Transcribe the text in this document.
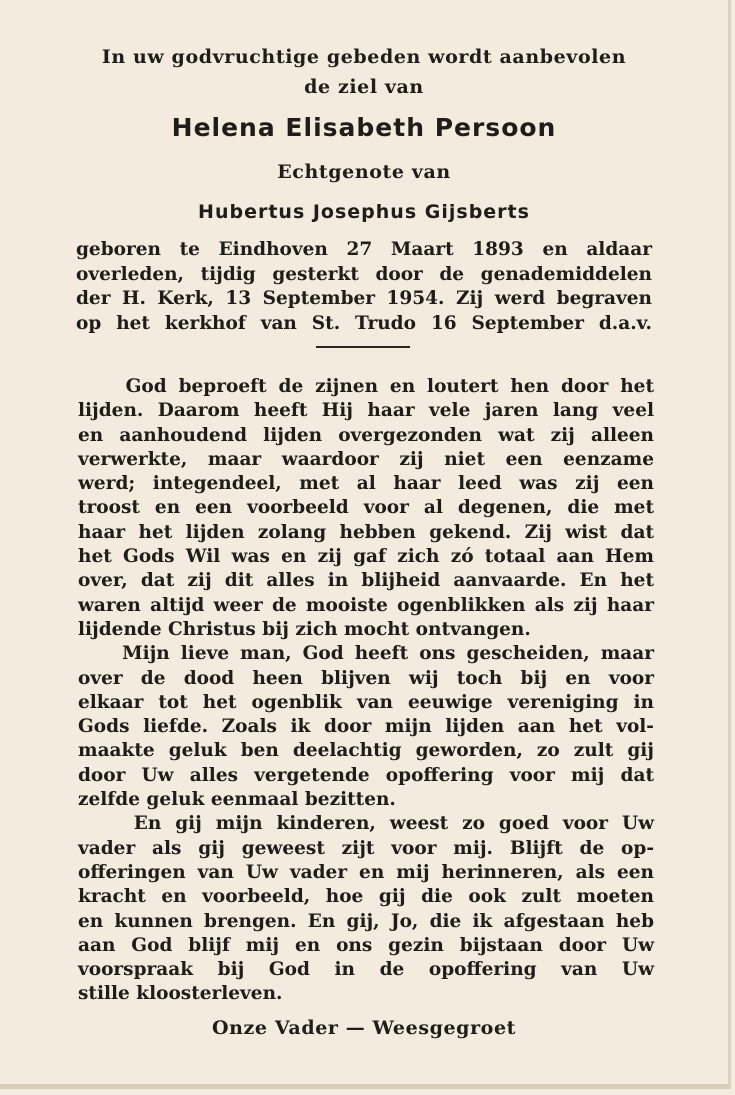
In uw godvruchtige gebeden wordt aanbevolen
de ziel van
Helena Elisabeth Persoon
Echtgenote van
Hubertus Josephus Gijsberts
geboren te Eindhoven 27 Maart 1893 en aldaar
overleden, tijdig gesterkt door de genademiddelen
der H. Kerk, 13 September 1954. Zij werd begraven
op het kerkhof van St. Trudo 16 September d.a.v.
God beproeft de zijnen en loutert hen door het
lijden. Daarom heeft Hij haar vele jaren lang veel
en aanhoudend lijden overgezonden wat zij alleen
verwerkte, maar waardoor zij niet een eenzame
werd; integendeel, met al haar leed was zij een
troost en een voorbeeld voor al degenen, die met
haar het lijden zolang hebben gekend. Zij wist dat
het Gods Wil was en zij gaf zich zó totaal aan Hem
over, dat zij dit alles in blijheid aanvaarde. En het
waren altijd weer de mooiste ogenblikken als zij haar
lijdende Christus bij zich mocht ontvangen.
Mijn lieve man, God heeft ons gescheiden, maar
over de dood heen blijven wij toch bij en voor
elkaar tot het ogenblik van eeuwige vereniging in
Gods liefde. Zoals ik door mijn lijden aan het vol-
maakte geluk ben deelachtig geworden, zo zult gij
door Uw alles vergetende opoffering voor mij dat
zelfde geluk eenmaal bezitten.
En gij mijn kinderen, weest zo goed voor Uw
vader als gij geweest zijt voor mij. Blijft de op-
offeringen van Uw vader en mij herinneren, als een
kracht en voorbeeld, hoe gij die ook zult moeten
en kunnen brengen. En gij, Jo, die ik afgestaan heb
aan God blijf mij en ons gezin bijstaan door Uw
voorspraak bij God in de opoffering van Uw
stille kloosterleven.
Onze Vader — Weesgegroet
